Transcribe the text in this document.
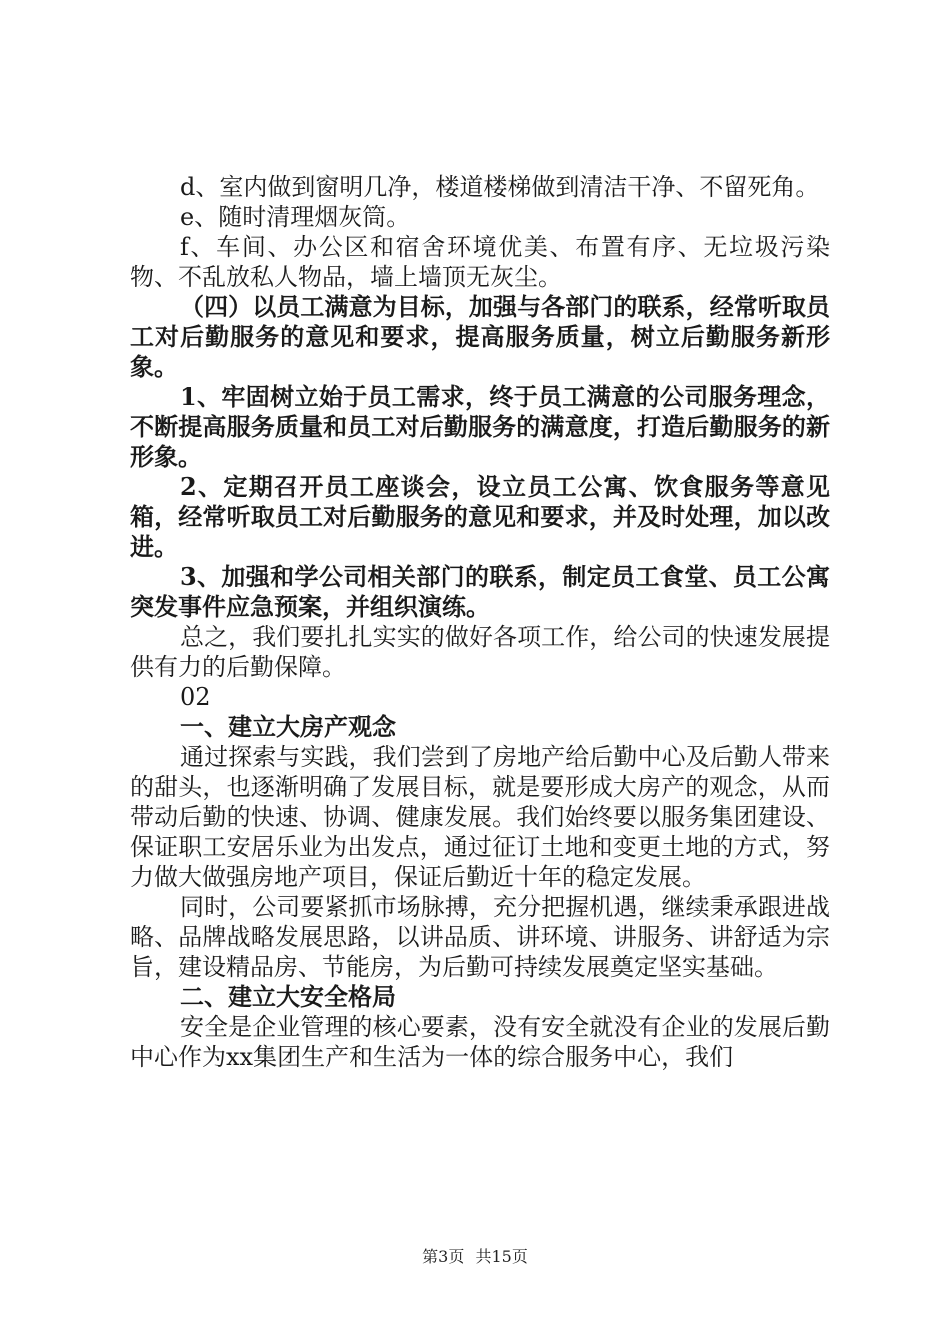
d、室内做到窗明几净，楼道楼梯做到清洁干净、不留死角。

e、随时清理烟灰筒。

f、车间、办公区和宿舍环境优美、布置有序、无垃圾污染物、不乱放私人物品，墙上墙顶无灰尘。

（四）以员工满意为目标，加强与各部门的联系，经常听取员工对后勤服务的意见和要求，提高服务质量，树立后勤服务新形象。

1、牢固树立始于员工需求，终于员工满意的公司服务理念，不断提高服务质量和员工对后勤服务的满意度，打造后勤服务的新形象。

2、定期召开员工座谈会，设立员工公寓、饮食服务等意见箱，经常听取员工对后勤服务的意见和要求，并及时处理，加以改进。

3、加强和学公司相关部门的联系，制定员工食堂、员工公寓突发事件应急预案，并组织演练。

总之，我们要扎扎实实的做好各项工作，给公司的快速发展提供有力的后勤保障。

02

一、建立大房产观念

通过探索与实践，我们尝到了房地产给后勤中心及后勤人带来的甜头，也逐渐明确了发展目标，就是要形成大房产的观念，从而带动后勤的快速、协调、健康发展。我们始终要以服务集团建设、保证职工安居乐业为出发点，通过征订土地和变更土地的方式，努力做大做强房地产项目，保证后勤近十年的稳定发展。

同时，公司要紧抓市场脉搏，充分把握机遇，继续秉承跟进战略、品牌战略发展思路，以讲品质、讲环境、讲服务、讲舒适为宗旨，建设精品房、节能房，为后勤可持续发展奠定坚实基础。

二、建立大安全格局

安全是企业管理的核心要素，没有安全就没有企业的发展后勤中心作为xx集团生产和生活为一体的综合服务中心，我们

第3页 共15页
